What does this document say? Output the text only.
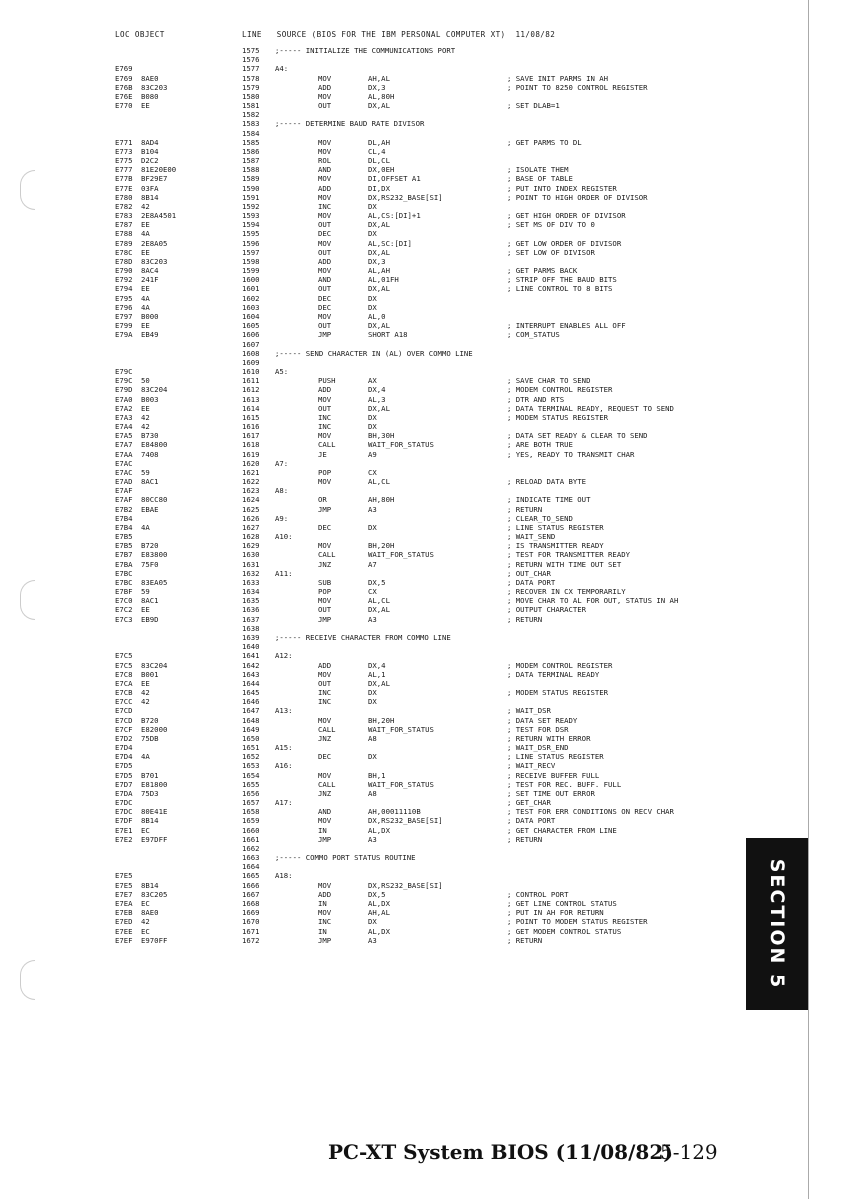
LOC OBJECT	LINE   SOURCE (BIOS FOR THE IBM PERSONAL COMPUTER XT)  11/08/82
1575 ;----- INITIALIZE THE COMMUNICATIONS PORT
1576
E769	1577 A4:
E769 8AE0	1578	MOV	AH,AL	; SAVE INIT PARMS IN AH
E76B 83C203	1579	ADD	DX,3	; POINT TO 8250 CONTROL REGISTER
E76E B080	1580	MOV	AL,80H
E770 EE	1581	OUT	DX,AL	; SET DLAB=1
1582
1583 ;----- DETERMINE BAUD RATE DIVISOR
1584
E771 8AD4	1585	MOV	DL,AH	; GET PARMS TO DL
E773 B104	1586	MOV	CL,4
E775 D2C2	1587	ROL	DL,CL
E777 81E20E00	1588	AND	DX,0EH	; ISOLATE THEM
E77B BF29E7	1589	MOV	DI,OFFSET A1	; BASE OF TABLE
E77E 03FA	1590	ADD	DI,DX	; PUT INTO INDEX REGISTER
E780 8B14	1591	MOV	DX,RS232_BASE[SI]	; POINT TO HIGH ORDER OF DIVISOR
E782 42	1592	INC	DX
E783 2E8A4501	1593	MOV	AL,CS:[DI]+1	; GET HIGH ORDER OF DIVISOR
E787 EE	1594	OUT	DX,AL	; SET MS OF DIV TO 0
E788 4A	1595	DEC	DX
E789 2E8A05	1596	MOV	AL,SC:[DI]	; GET LOW ORDER OF DIVISOR
E78C EE	1597	OUT	DX,AL	; SET LOW OF DIVISOR
E78D 83C203	1598	ADD	DX,3
E790 8AC4	1599	MOV	AL,AH	; GET PARMS BACK
E792 241F	1600	AND	AL,01FH	; STRIP OFF THE BAUD BITS
E794 EE	1601	OUT	DX,AL	; LINE CONTROL TO 8 BITS
E795 4A	1602	DEC	DX
E796 4A	1603	DEC	DX
E797 B000	1604	MOV	AL,0
E799 EE	1605	OUT	DX,AL	; INTERRUPT ENABLES ALL OFF
E79A EB49	1606	JMP	SHORT A18	; COM_STATUS
1607
1608 ;----- SEND CHARACTER IN (AL) OVER COMMO LINE
1609
E79C	1610 A5:
E79C 50	1611	PUSH	AX	; SAVE CHAR TO SEND
E79D 83C204	1612	ADD	DX,4	; MODEM CONTROL REGISTER
E7A0 B003	1613	MOV	AL,3	; DTR AND RTS
E7A2 EE	1614	OUT	DX,AL	; DATA TERMINAL READY, REQUEST TO SEND
E7A3 42	1615	INC	DX	; MODEM STATUS REGISTER
E7A4 42	1616	INC	DX
E7A5 B730	1617	MOV	BH,30H	; DATA SET READY & CLEAR TO SEND
E7A7 E84800	1618	CALL	WAIT_FOR_STATUS	; ARE BOTH TRUE
E7AA 7408	1619	JE	A9	; YES, READY TO TRANSMIT CHAR
E7AC	1620 A7:
E7AC 59	1621	POP	CX
E7AD 8AC1	1622	MOV	AL,CL	; RELOAD DATA BYTE
E7AF	1623 A8:
E7AF 80CC80	1624	OR	AH,80H	; INDICATE TIME OUT
E7B2 EBAE	1625	JMP	A3	; RETURN
E7B4	1626 A9:	; CLEAR_TO_SEND
E7B4 4A	1627	DEC	DX	; LINE STATUS REGISTER
E7B5	1628 A10:	; WAIT_SEND
E7B5 B720	1629	MOV	BH,20H	; IS TRANSMITTER READY
E7B7 E83800	1630	CALL	WAIT_FOR_STATUS	; TEST FOR TRANSMITTER READY
E7BA 75F0	1631	JNZ	A7	; RETURN WITH TIME OUT SET
E7BC	1632 A11:	; OUT_CHAR
E7BC 83EA05	1633	SUB	DX,5	; DATA PORT
E7BF 59	1634	POP	CX	; RECOVER IN CX TEMPORARILY
E7C0 8AC1	1635	MOV	AL,CL	; MOVE CHAR TO AL FOR OUT, STATUS IN AH
E7C2 EE	1636	OUT	DX,AL	; OUTPUT CHARACTER
E7C3 EB9D	1637	JMP	A3	; RETURN
1638
1639 ;----- RECEIVE CHARACTER FROM COMMO LINE
1640
E7C5	1641 A12:
E7C5 83C204	1642	ADD	DX,4	; MODEM CONTROL REGISTER
E7C8 B001	1643	MOV	AL,1	; DATA TERMINAL READY
E7CA EE	1644	OUT	DX,AL
E7CB 42	1645	INC	DX	; MODEM STATUS REGISTER
E7CC 42	1646	INC	DX
E7CD	1647 A13:	; WAIT_DSR
E7CD B720	1648	MOV	BH,20H	; DATA SET READY
E7CF E82000	1649	CALL	WAIT_FOR_STATUS	; TEST FOR DSR
E7D2 75DB	1650	JNZ	A8	; RETURN WITH ERROR
E7D4	1651 A15:	; WAIT_DSR_END
E7D4 4A	1652	DEC	DX	; LINE STATUS REGISTER
E7D5	1653 A16:	; WAIT_RECV
E7D5 B701	1654	MOV	BH,1	; RECEIVE BUFFER FULL
E7D7 E81800	1655	CALL	WAIT_FOR_STATUS	; TEST FOR REC. BUFF. FULL
E7DA 75D3	1656	JNZ	A8	; SET TIME OUT ERROR
E7DC	1657 A17:	; GET_CHAR
E7DC 80E41E	1658	AND	AH,00011110B	; TEST FOR ERR CONDITIONS ON RECV CHAR
E7DF 8B14	1659	MOV	DX,RS232_BASE[SI]	; DATA PORT
E7E1 EC	1660	IN	AL,DX	; GET CHARACTER FROM LINE
E7E2 E97DFF	1661	JMP	A3	; RETURN
1662
1663 ;----- COMMO PORT STATUS ROUTINE
1664
E7E5	1665 A18:
E7E5 8B14	1666	MOV	DX,RS232_BASE[SI]
E7E7 83C205	1667	ADD	DX,5	; CONTROL PORT
E7EA EC	1668	IN	AL,DX	; GET LINE CONTROL STATUS
E7EB 8AE0	1669	MOV	AH,AL	; PUT IN AH FOR RETURN
E7ED 42	1670	INC	DX	; POINT TO MODEM STATUS REGISTER
E7EE EC	1671	IN	AL,DX	; GET MODEM CONTROL STATUS
E7EF E970FF	1672	JMP	A3	; RETURN	SECTION 5
PC-XT System BIOS (11/08/82)
5-129
